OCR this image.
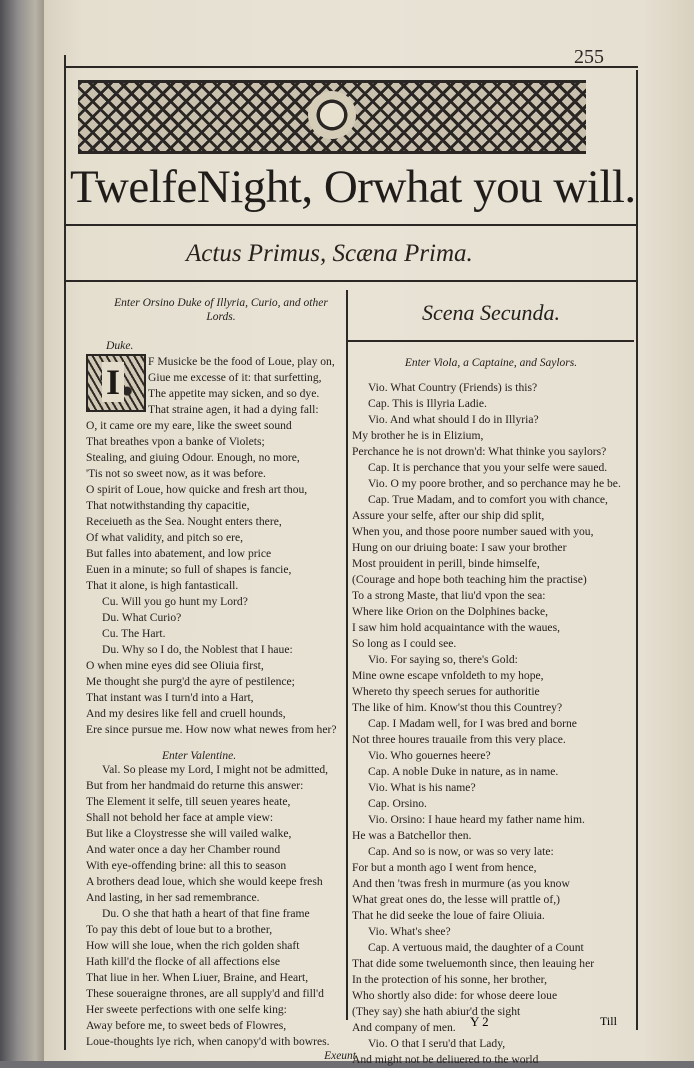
255
TwelfeNight, Orwhat you will.
Actus Primus, Scæna Prima.

Enter Orsino Duke of Illyria, Curio, and other Lords.

Duke.

I

F Musicke be the food of Loue, play on,

Giue me excesse of it: that surfetting,

The appetite may sicken, and so dye.

That straine agen, it had a dying fall:

O, it came ore my eare, like the sweet sound

That breathes vpon a banke of Violets;

Stealing, and giuing Odour. Enough, no more,

'Tis not so sweet now, as it was before.

O spirit of Loue, how quicke and fresh art thou,

That notwithstanding thy capacitie,

Receiueth as the Sea. Nought enters there,

Of what validity, and pitch so ere,

But falles into abatement, and low price

Euen in a minute; so full of shapes is fancie,

That it alone, is high fantasticall.

Cu. Will you go hunt my Lord?

Du. What Curio?

Cu. The Hart.

Du. Why so I do, the Noblest that I haue:

O when mine eyes did see Oliuia first,

Me thought she purg'd the ayre of pestilence;

That instant was I turn'd into a Hart,

And my desires like fell and cruell hounds,

Ere since pursue me. How now what newes from her?

Enter Valentine.

Val. So please my Lord, I might not be admitted,

But from her handmaid do returne this answer:

The Element it selfe, till seuen yeares heate,

Shall not behold her face at ample view:

But like a Cloystresse she will vailed walke,

And water once a day her Chamber round

With eye-offending brine: all this to season

A brothers dead loue, which she would keepe fresh

And lasting, in her sad remembrance.

Du. O she that hath a heart of that fine frame

To pay this debt of loue but to a brother,

How will she loue, when the rich golden shaft

Hath kill'd the flocke of all affections else

That liue in her. When Liuer, Braine, and Heart,

These soueraigne thrones, are all supply'd and fill'd

Her sweete perfections with one selfe king:

Away before me, to sweet beds of Flowres,

Loue-thoughts lye rich, when canopy'd with bowres.

Exeunt

Scena Secunda.

Enter Viola, a Captaine, and Saylors.

Vio. What Country (Friends) is this?

Cap. This is Illyria Ladie.

Vio. And what should I do in Illyria?

My brother he is in Elizium,

Perchance he is not drown'd: What thinke you saylors?

Cap. It is perchance that you your selfe were saued.

Vio. O my poore brother, and so perchance may he be.

Cap. True Madam, and to comfort you with chance,

Assure your selfe, after our ship did split,

When you, and those poore number saued with you,

Hung on our driuing boate: I saw your brother

Most prouident in perill, binde himselfe,

(Courage and hope both teaching him the practise)

To a strong Maste, that liu'd vpon the sea:

Where like Orion on the Dolphines backe,

I saw him hold acquaintance with the waues,

So long as I could see.

Vio. For saying so, there's Gold:

Mine owne escape vnfoldeth to my hope,

Whereto thy speech serues for authoritie

The like of him. Know'st thou this Countrey?

Cap. I Madam well, for I was bred and borne

Not three houres trauaile from this very place.

Vio. Who gouernes heere?

Cap. A noble Duke in nature, as in name.

Vio. What is his name?

Cap. Orsino.

Vio. Orsino: I haue heard my father name him.

He was a Batchellor then.

Cap. And so is now, or was so very late:

For but a month ago I went from hence,

And then 'twas fresh in murmure (as you know

What great ones do, the lesse will prattle of,)

That he did seeke the loue of faire Oliuia.

Vio. What's shee?

Cap. A vertuous maid, the daughter of a Count

That dide some tweluemonth since, then leauing her

In the protection of his sonne, her brother,

Who shortly also dide: for whose deere loue

(They say) she hath abiur'd the sight

And company of men.

Vio. O that I seru'd that Lady,

And might not be deliuered to the world

Y 2	Till
